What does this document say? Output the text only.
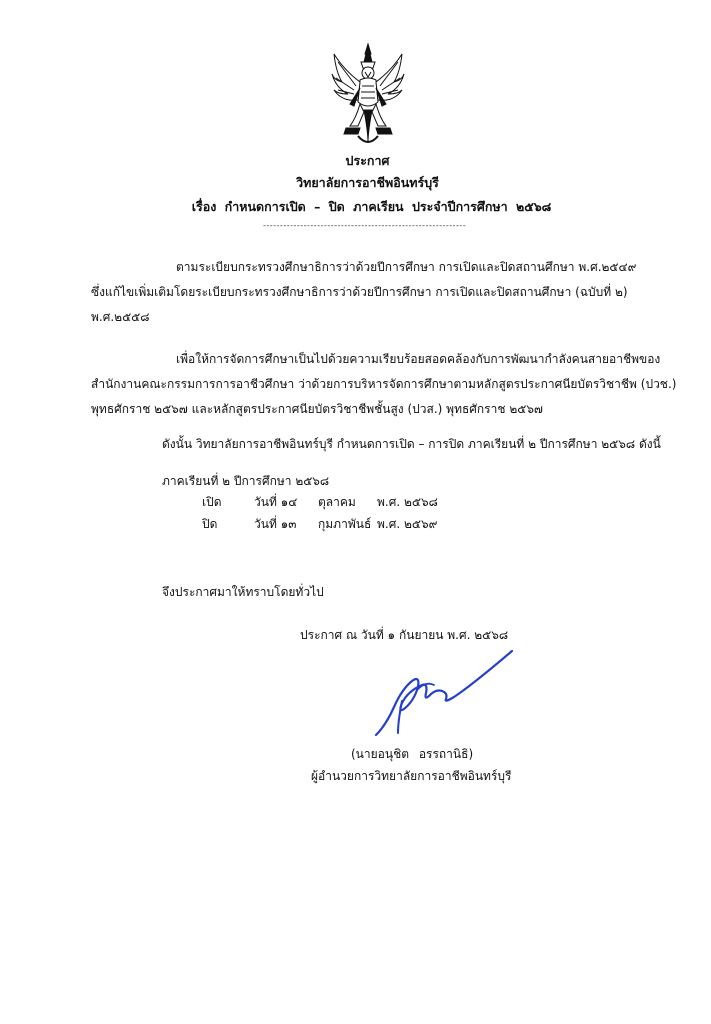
ประกาศ
วิทยาลัยการอาชีพอินทร์บุรี
เรื่อง กำหนดการเปิด – ปิด ภาคเรียน ประจำปีการศึกษา ๒๕๖๘
------------------------------------------------------------
ตามระเบียบกระทรวงศึกษาธิการว่าด้วยปีการศึกษา การเปิดและปิดสถานศึกษา พ.ศ.๒๕๔๙
ซึ่งแก้ไขเพิ่มเติมโดยระเบียบกระทรวงศึกษาธิการว่าด้วยปีการศึกษา การเปิดและปิดสถานศึกษา (ฉบับที่ ๒)
พ.ศ.๒๕๕๘
เพื่อให้การจัดการศึกษาเป็นไปด้วยความเรียบร้อยสอดคล้องกับการพัฒนากำลังคนสายอาชีพของ
สำนักงานคณะกรรมการการอาชีวศึกษา ว่าด้วยการบริหารจัดการศึกษาตามหลักสูตรประกาศนียบัตรวิชาชีพ (ปวช.)
พุทธศักราช ๒๕๖๗ และหลักสูตรประกาศนียบัตรวิชาชีพชั้นสูง (ปวส.) พุทธศักราช ๒๕๖๗
ดังนั้น วิทยาลัยการอาชีพอินทร์บุรี กำหนดการเปิด – การปิด ภาคเรียนที่ ๒ ปีการศึกษา ๒๕๖๘ ดังนี้
ภาคเรียนที่ ๒ ปีการศึกษา ๒๕๖๘
เปิด	วันที่ ๑๔ ตุลาคม พ.ศ. ๒๕๖๘
ปิด	วันที่ ๑๓ กุมภาพันธ์ พ.ศ. ๒๕๖๙
จึงประกาศมาให้ทราบโดยทั่วไป
ประกาศ ณ วันที่ ๑ กันยายน พ.ศ. ๒๕๖๘
(นายอนุชิต อรรถานิธิ)
ผู้อำนวยการวิทยาลัยการอาชีพอินทร์บุรี
